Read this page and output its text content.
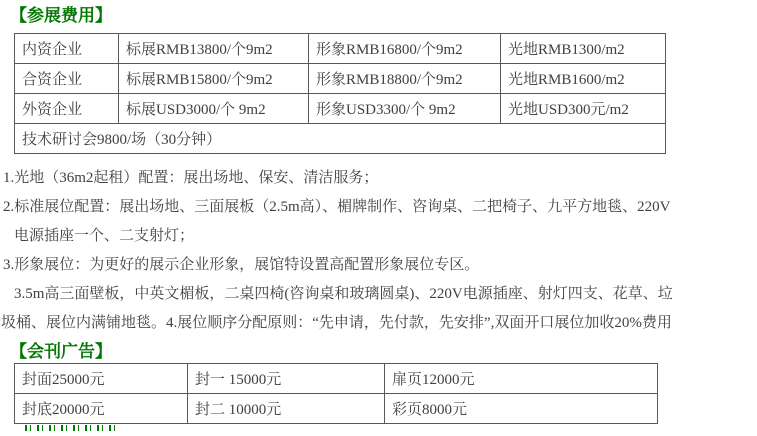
【参展费用】
内资企业	标展RMB13800/个9m2	形象RMB16800/个9m2	光地RMB1300/m2
合资企业	标展RMB15800/个9m2	形象RMB18800/个9m2	光地RMB1600/m2
外资企业	标展USD3000/个 9m2	形象USD3300/个 9m2	光地USD300元/m2
技术研讨会9800/场（30分钟）			
1.光地（36m2起租）配置：展出场地、保安、清洁服务；
2.标准展位配置：展出场地、三面展板（2.5m高）、楣牌制作、咨询桌、二把椅子、九平方地毯、220V
电源插座一个、二支射灯；
3.形象展位：为更好的展示企业形象，展馆特设置高配置形象展位专区。
3.5m高三面壁板，中英文楣板，二桌四椅(咨询桌和玻璃圆桌)、220V电源插座、射灯四支、花草、垃
圾桶、展位内满铺地毯。4.展位顺序分配原则：“先申请，先付款，先安排”,双面开口展位加收20%费用
【会刊广告】
封面25000元	封一 15000元	扉页12000元
封底20000元	封二 10000元	彩页8000元
